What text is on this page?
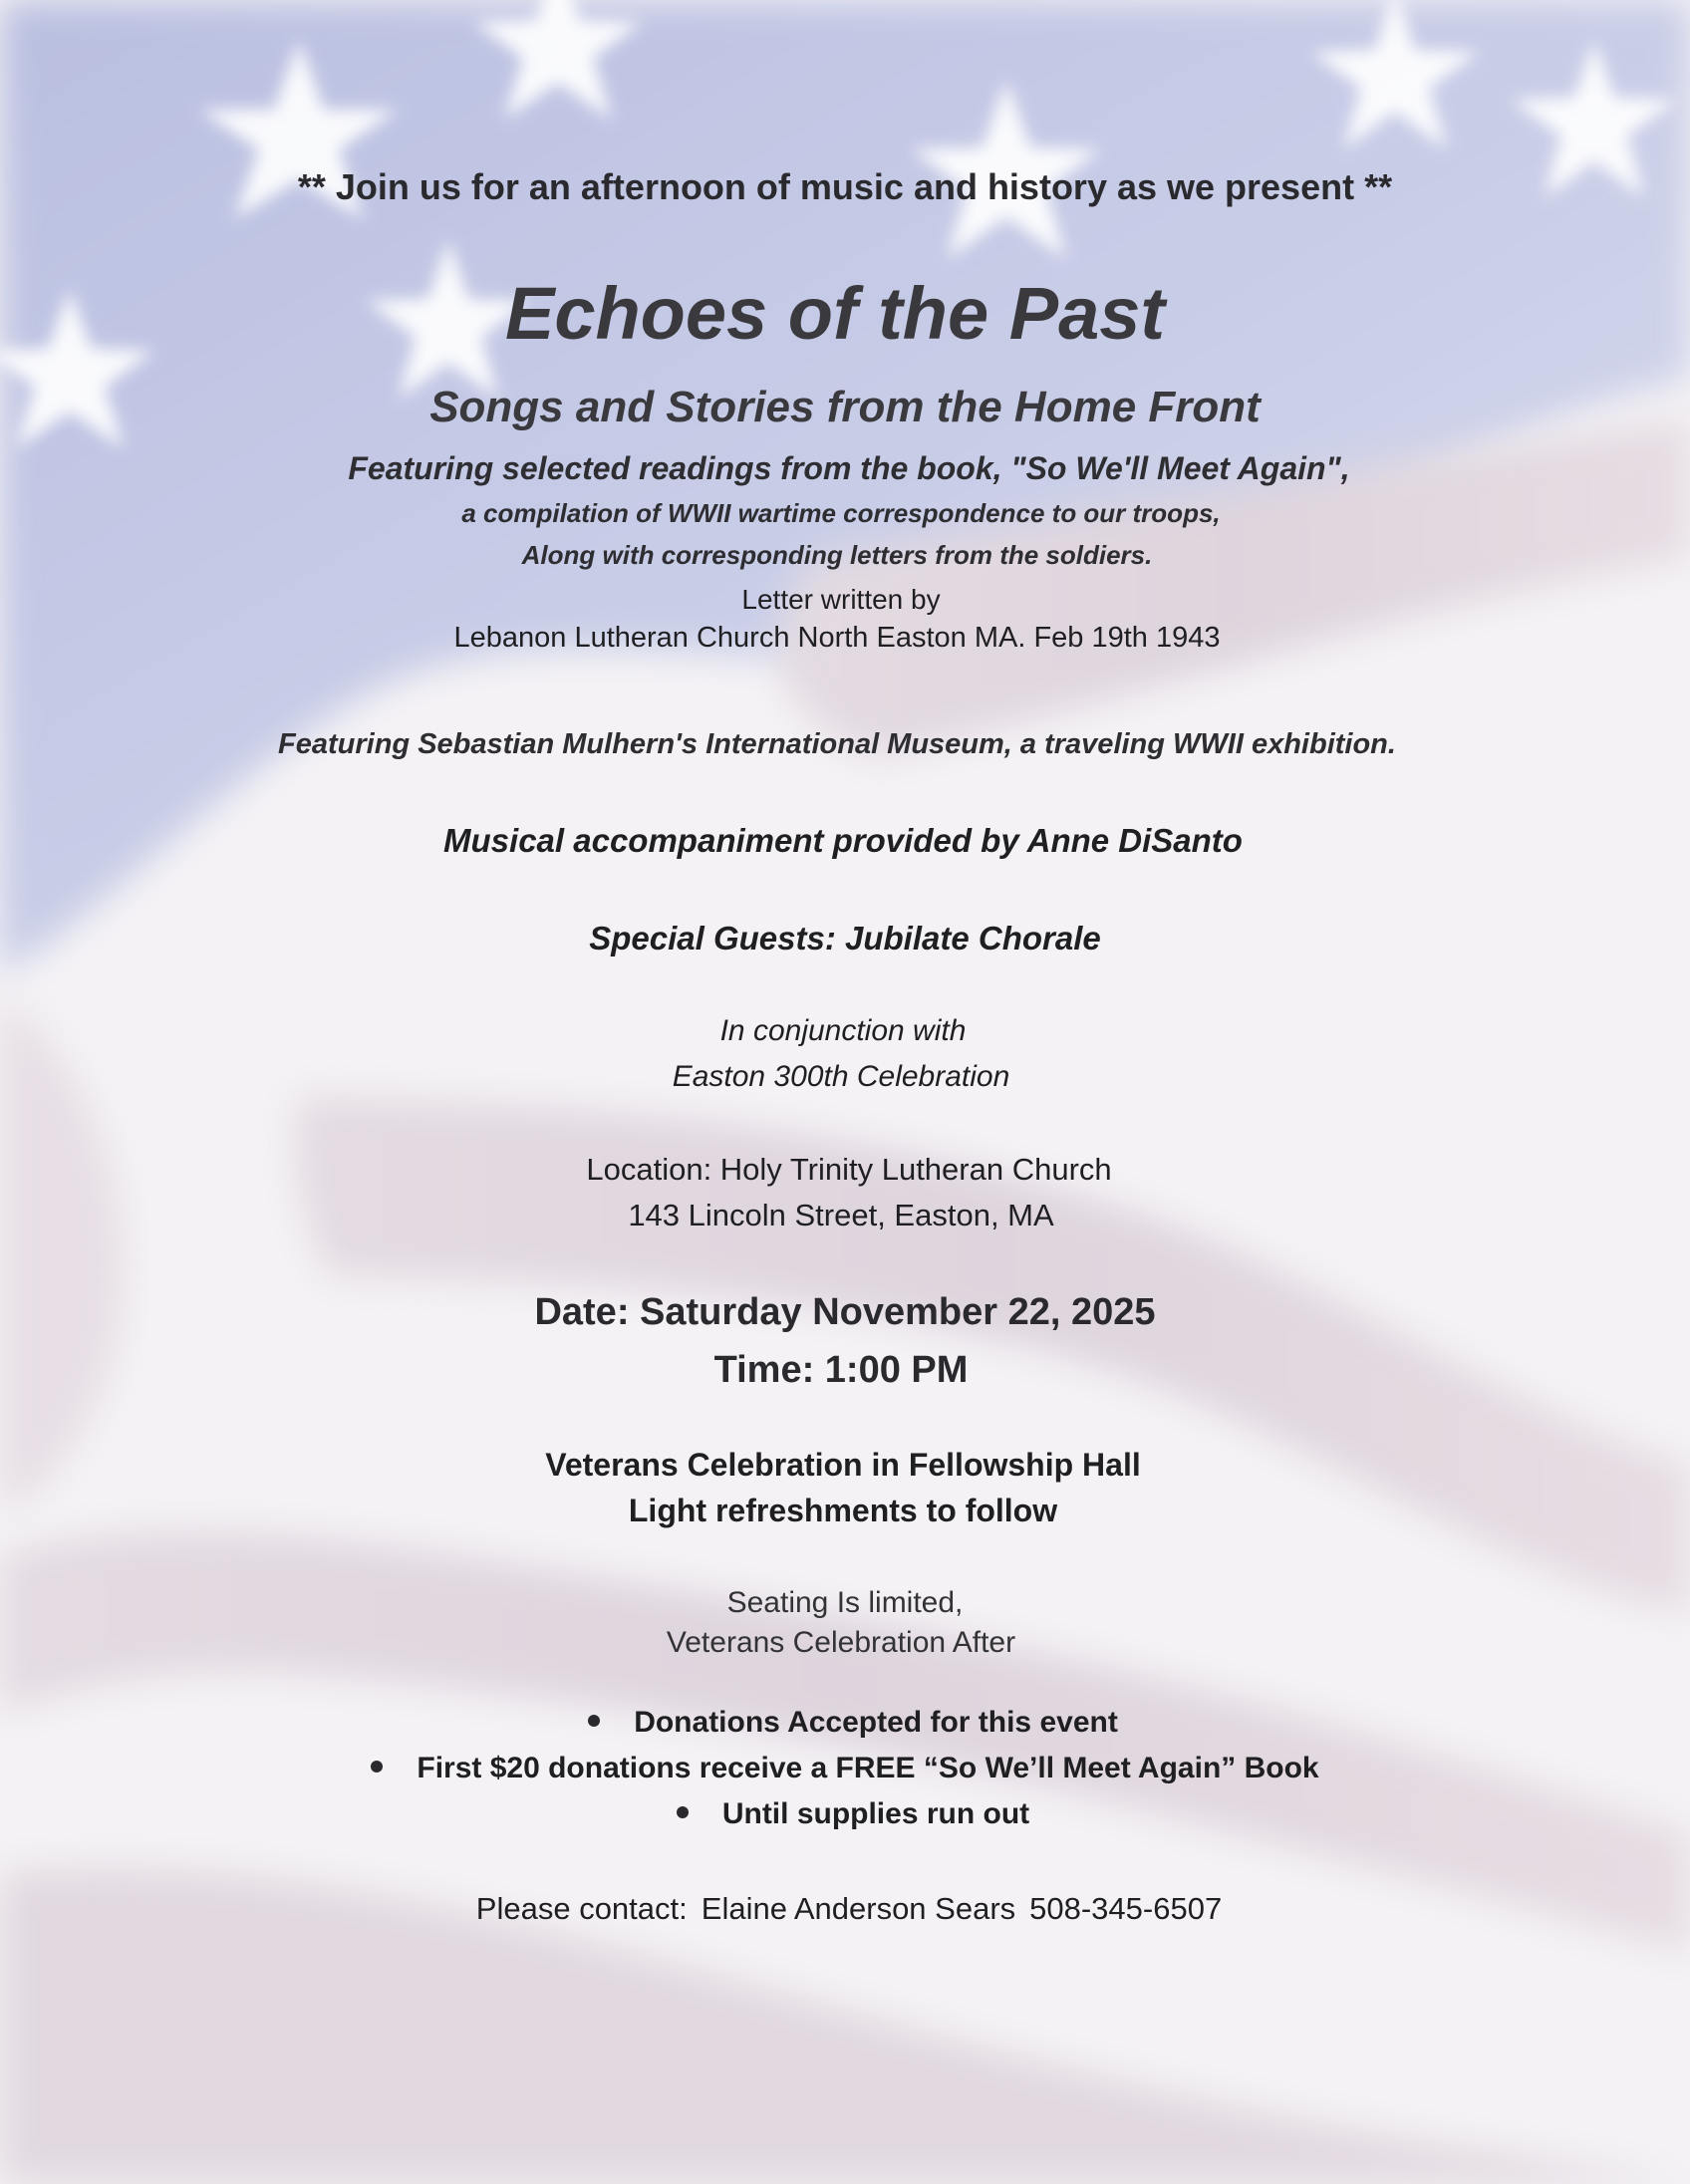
** Join us for an afternoon of music and history as we present **
Echoes of the Past
Songs and Stories from the Home Front
Featuring selected readings from the book, "So We'll Meet Again",
a compilation of WWII wartime correspondence to our troops,
Along with corresponding letters from the soldiers.
Letter written by
Lebanon Lutheran Church North Easton MA. Feb 19th 1943
Featuring Sebastian Mulhern's International Museum, a traveling WWII exhibition.
Musical accompaniment provided by Anne DiSanto
Special Guests: Jubilate Chorale
In conjunction with
Easton 300th Celebration
Location: Holy Trinity Lutheran Church
143 Lincoln Street, Easton, MA
Date: Saturday November 22, 2025
Time: 1:00 PM
Veterans Celebration in Fellowship Hall
Light refreshments to follow
Seating Is limited,
Veterans Celebration After
Donations Accepted for this event
First $20 donations receive a FREE “So We’ll Meet Again” Book
Until supplies run out
Please contact: Elaine Anderson Sears 508-345-6507
